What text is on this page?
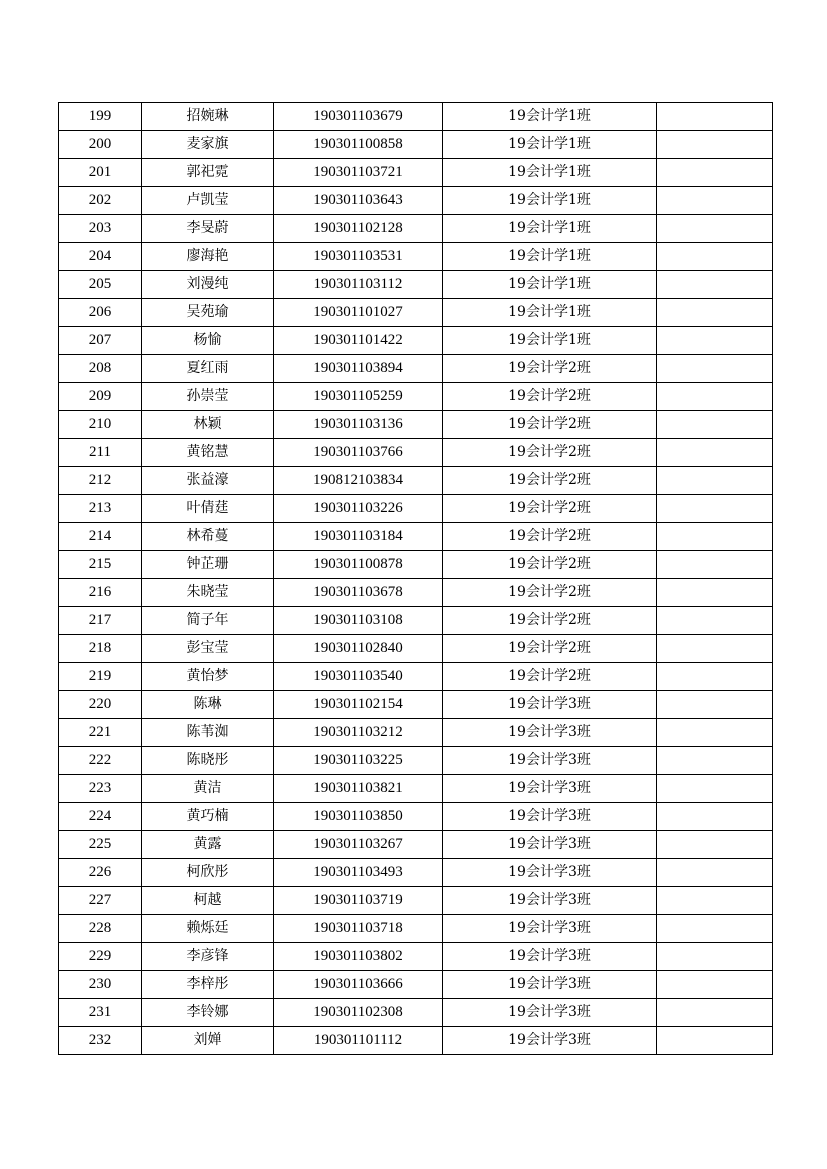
199	招婉琳	190301103679	19会计学1班	
200	麦家旗	190301100858	19会计学1班	
201	郭祀霓	190301103721	19会计学1班	
202	卢凯莹	190301103643	19会计学1班	
203	李旻蔚	190301102128	19会计学1班	
204	廖海艳	190301103531	19会计学1班	
205	刘漫纯	190301103112	19会计学1班	
206	吴苑瑜	190301101027	19会计学1班	
207	杨愉	190301101422	19会计学1班	
208	夏红雨	190301103894	19会计学2班	
209	孙崇莹	190301105259	19会计学2班	
210	林颖	190301103136	19会计学2班	
211	黄铭慧	190301103766	19会计学2班	
212	张益濠	190812103834	19会计学2班	
213	叶倩莛	190301103226	19会计学2班	
214	林希蔓	190301103184	19会计学2班	
215	钟芷珊	190301100878	19会计学2班	
216	朱晓莹	190301103678	19会计学2班	
217	简子年	190301103108	19会计学2班	
218	彭宝莹	190301102840	19会计学2班	
219	黄怡梦	190301103540	19会计学2班	
220	陈琳	190301102154	19会计学3班	
221	陈苇洳	190301103212	19会计学3班	
222	陈晓彤	190301103225	19会计学3班	
223	黄洁	190301103821	19会计学3班	
224	黄巧楠	190301103850	19会计学3班	
225	黄露	190301103267	19会计学3班	
226	柯欣彤	190301103493	19会计学3班	
227	柯越	190301103719	19会计学3班	
228	赖烁廷	190301103718	19会计学3班	
229	李彦锋	190301103802	19会计学3班	
230	李梓彤	190301103666	19会计学3班	
231	李铃娜	190301102308	19会计学3班	
232	刘婵	190301101112	19会计学3班	
